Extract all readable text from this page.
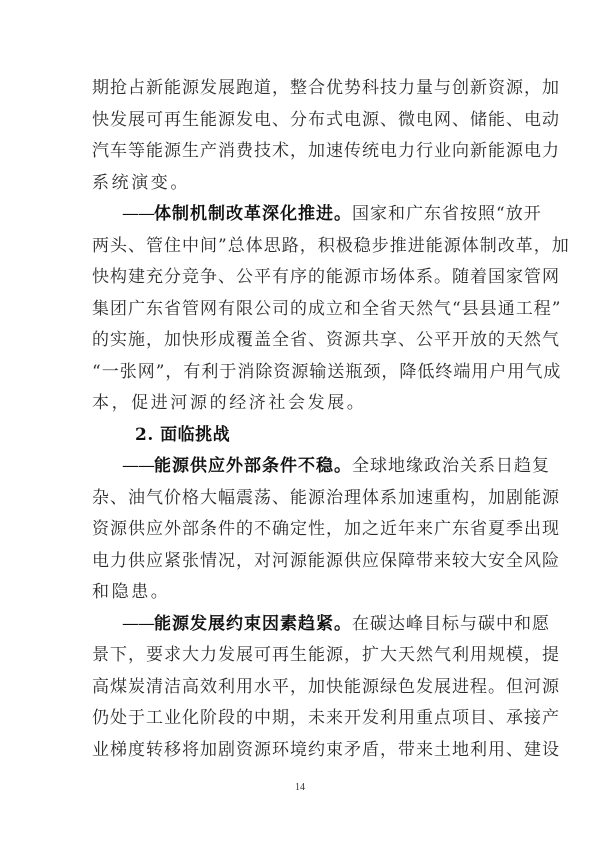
期抢占新能源发展跑道，整合优势科技力量与创新资源，加
快发展可再生能源发电、分布式电源、微电网、储能、电动
汽车等能源生产消费技术，加速传统电力行业向新能源电力
系统演变。
——体制机制改革深化推进。国家和广东省按照“放开
两头、管住中间”总体思路，积极稳步推进能源体制改革，加
快构建充分竞争、公平有序的能源市场体系。随着国家管网
集团广东省管网有限公司的成立和全省天然气“县县通工程”
的实施，加快形成覆盖全省、资源共享、公平开放的天然气
“一张网”，有利于消除资源输送瓶颈，降低终端用户用气成
本，促进河源的经济社会发展。
2. 面临挑战
——能源供应外部条件不稳。全球地缘政治关系日趋复
杂、油气价格大幅震荡、能源治理体系加速重构，加剧能源
资源供应外部条件的不确定性，加之近年来广东省夏季出现
电力供应紧张情况，对河源能源供应保障带来较大安全风险
和隐患。
——能源发展约束因素趋紧。在碳达峰目标与碳中和愿
景下，要求大力发展可再生能源，扩大天然气利用规模，提
高煤炭清洁高效利用水平，加快能源绿色发展进程。但河源
仍处于工业化阶段的中期，未来开发利用重点项目、承接产
业梯度转移将加剧资源环境约束矛盾，带来土地利用、建设
14
